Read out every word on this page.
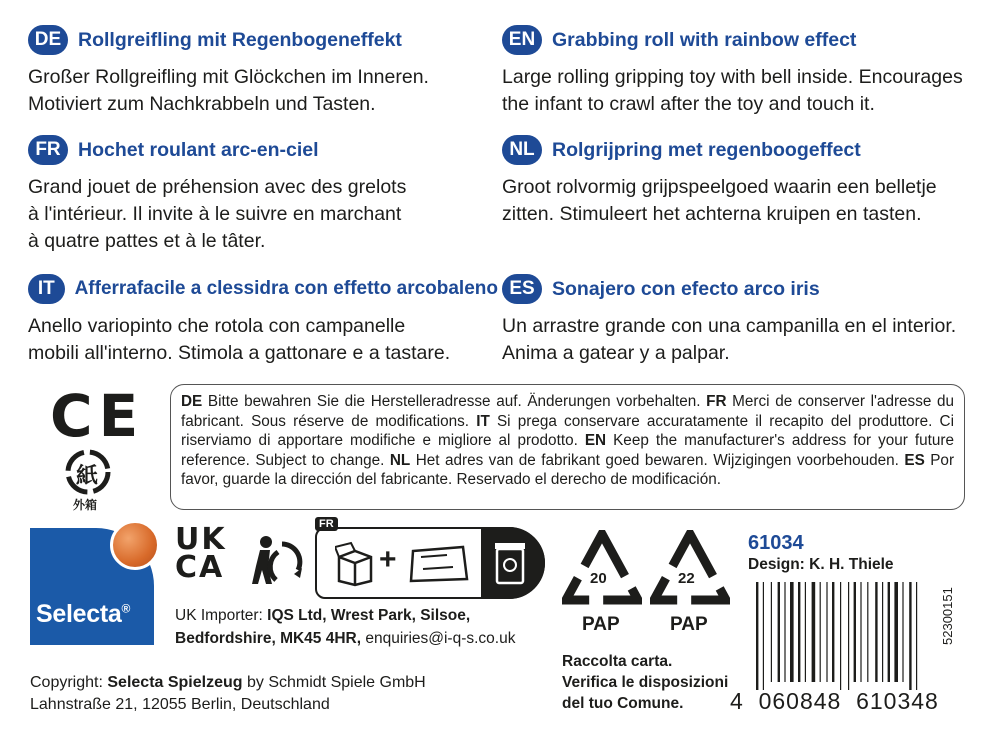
DE Rollgreifling mit Regenbogeneffekt
Großer Rollgreifling mit Glöckchen im Inneren.
Motiviert zum Nachkrabbeln und Tasten.
EN Grabbing roll with rainbow effect
Large rolling gripping toy with bell inside. Encourages
the infant to crawl after the toy and touch it.
FR Hochet roulant arc-en-ciel
Grand jouet de préhension avec des grelots
à l'intérieur. Il invite à le suivre en marchant
à quatre pattes et à le tâter.
NL Rolgrijpring met regenboogeffect
Groot rolvormig grijpspeelgoed waarin een belletje
zitten. Stimuleert het achterna kruipen en tasten.
IT	Afferrafacile a clessidra con effetto arcobaleno
Anello variopinto che rotola con campanelle
mobili all'interno. Stimola a gattonare e a tastare.
ES Sonajero con efecto arco iris
Un arrastre grande con una campanilla en el interior.
Anima a gatear y a palpar.
CE
紙
外箱
DE Bitte bewahren Sie die Herstelleradresse auf. Änderungen vorbehalten. FR Merci de conserver l'adresse du fabricant. Sous réserve de modifications. IT Si prega conservare accuratamente il recapito del produttore. Ci riserviamo di apportare modifiche e migliore al prodotto. EN Keep the manufacturer's address for your future reference. Subject to change. NL Het adres van de fabrikant goed bewaren. Wijzigingen voorbehouden. ES Por favor, guarde la dirección del fabricante. Reservado el derecho de modificación.
Selecta®
UK
CA
FR
+
UK Importer: IQS Ltd, Wrest Park, Silsoe,
Bedfordshire, MK45 4HR, enquiries@i-q-s.co.uk
Copyright: Selecta Spielzeug by Schmidt Spiele GmbH
Lahnstraße 21, 12055 Berlin, Deutschland
20
PAP
22
PAP
Raccolta carta.
Verifica le disposizioni
del tuo Comune.
61034
Design: K. H. Thiele
4  060848  610348
52300151
